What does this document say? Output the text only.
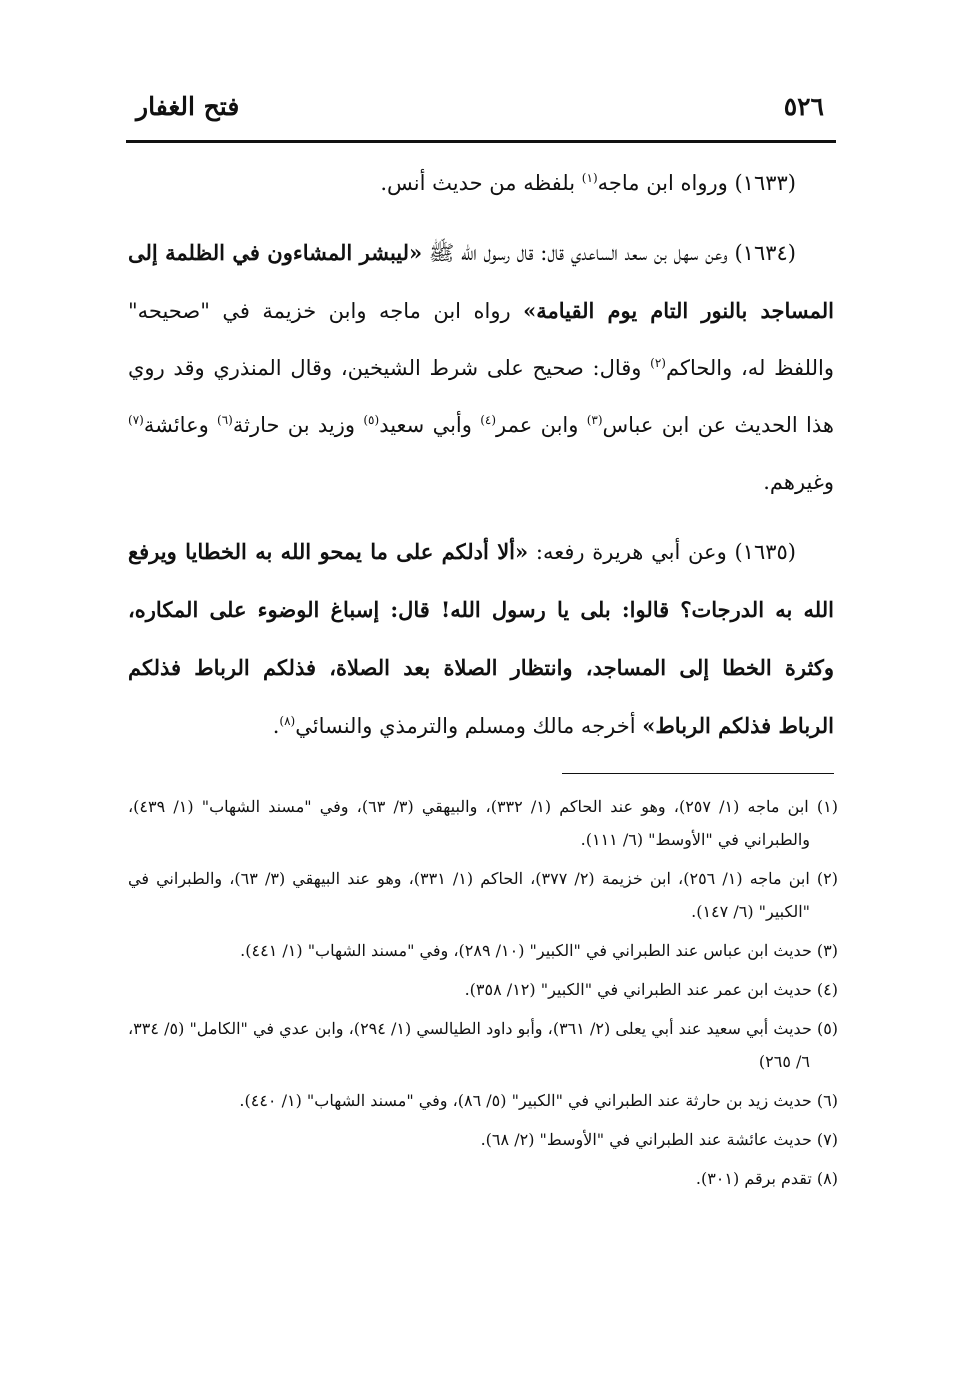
٥٢٦
فتح الغفار

(١٦٣٣) ورواه ابن ماجه$^{(١)}$ بلفظه من حديث أنس.

(١٦٣٤) وعن سهل بن سعد الساعدي قال: قال رسول الله ﷺ «ليبشر المشاءون في الظلمة إلى المساجد بالنور التام يوم القيامة» رواه ابن ماجه وابن خزيمة في "صحيحه" واللفظ له، والحاكم$^{(٢)}$ وقال: صحيح على شرط الشيخين، وقال المنذري وقد روي هذا الحديث عن ابن عباس$^{(٣)}$ وابن عمر$^{(٤)}$ وأبي سعيد$^{(٥)}$ وزيد بن حارثة$^{(٦)}$ وعائشة$^{(٧)}$ وغيرهم.

(١٦٣٥) وعن أبي هريرة رفعه: «ألا أدلكم على ما يمحو الله به الخطايا ويرفع الله به الدرجات؟ قالوا: بلى يا رسول الله! قال: إسباغ الوضوء على المكاره، وكثرة الخطا إلى المساجد، وانتظار الصلاة بعد الصلاة، فذلكم الرباط فذلكم الرباط فذلكم الرباط» أخرجه مالك ومسلم والترمذي والنسائي$^{(٨)}$.

(١) ابن ماجه (١/ ٢٥٧)، وهو عند الحاكم (١/ ٣٣٢)، والبيهقي (٣/ ٦٣)، وفي "مسند الشهاب" (١/ ٤٣٩)، والطبراني في "الأوسط" (٦/ ١١١).

(٢) ابن ماجه (١/ ٢٥٦)، ابن خزيمة (٢/ ٣٧٧)، الحاكم (١/ ٣٣١)، وهو عند البيهقي (٣/ ٦٣)، والطبراني في "الكبير" (٦/ ١٤٧).

(٣) حديث ابن عباس عند الطبراني في "الكبير" (١٠/ ٢٨٩)، وفي "مسند الشهاب" (١/ ٤٤١).

(٤) حديث ابن عمر عند الطبراني في "الكبير" (١٢/ ٣٥٨).

(٥) حديث أبي سعيد عند أبي يعلى (٢/ ٣٦١)، وأبو داود الطيالسي (١/ ٢٩٤)، وابن عدي في "الكامل" (٥/ ٣٣٤، ٦/ ٢٦٥)

(٦) حديث زيد بن حارثة عند الطبراني في "الكبير" (٥/ ٨٦)، وفي "مسند الشهاب" (١/ ٤٤٠).

(٧) حديث عائشة عند الطبراني في "الأوسط" (٢/ ٦٨).

(٨) تقدم برقم (٣٠١).
